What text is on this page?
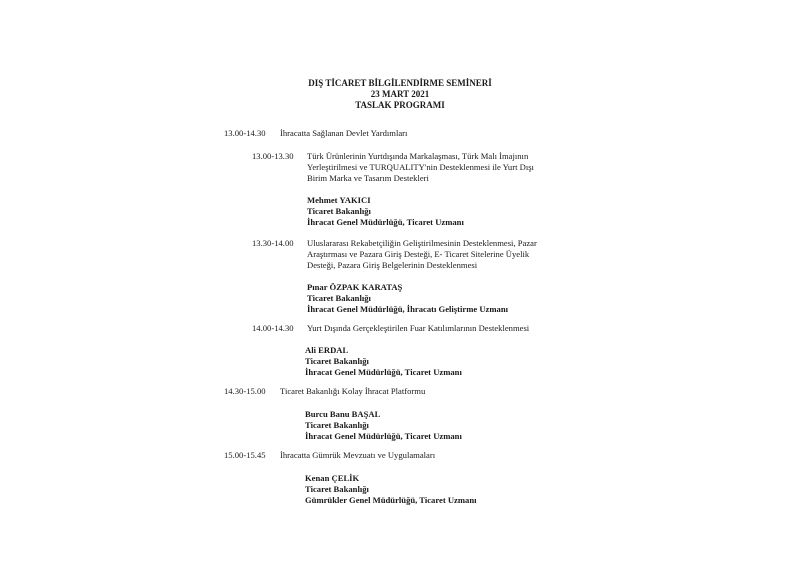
DIŞ TİCARET BİLGİLENDİRME SEMİNERİ
23 MART 2021
TASLAK PROGRAMI
13.00-14.30 İhracatta Sağlanan Devlet Yardımları
13.00-13.30 Türk Ürünlerinin Yurtdışında Markalaşması, Türk Malı İmajının
Yerleştirilmesi ve TURQUALITY'nin Desteklenmesi ile Yurt Dışı
Birim Marka ve Tasarım Destekleri
Mehmet YAKICI
Ticaret Bakanlığı
İhracat Genel Müdürlüğü, Ticaret Uzmanı
13.30-14.00 Uluslararası Rekabetçiliğin Geliştirilmesinin Desteklenmesi, Pazar
Araştırması ve Pazara Giriş Desteği, E- Ticaret Sitelerine Üyelik
Desteği, Pazara Giriş Belgelerinin Desteklenmesi
Pınar ÖZPAK KARATAŞ
Ticaret Bakanlığı
İhracat Genel Müdürlüğü, İhracatı Geliştirme Uzmanı
14.00-14.30 Yurt Dışında Gerçekleştirilen Fuar Katılımlarının Desteklenmesi
Ali ERDAL
Ticaret Bakanlığı
İhracat Genel Müdürlüğü, Ticaret Uzmanı
14.30-15.00 Ticaret Bakanlığı Kolay İhracat Platformu
Burcu Banu BAŞAL
Ticaret Bakanlığı
İhracat Genel Müdürlüğü, Ticaret Uzmanı
15.00-15.45 İhracatta Gümrük Mevzuatı ve Uygulamaları
Kenan ÇELİK
Ticaret Bakanlığı
Gümrükler Genel Müdürlüğü, Ticaret Uzmanı
